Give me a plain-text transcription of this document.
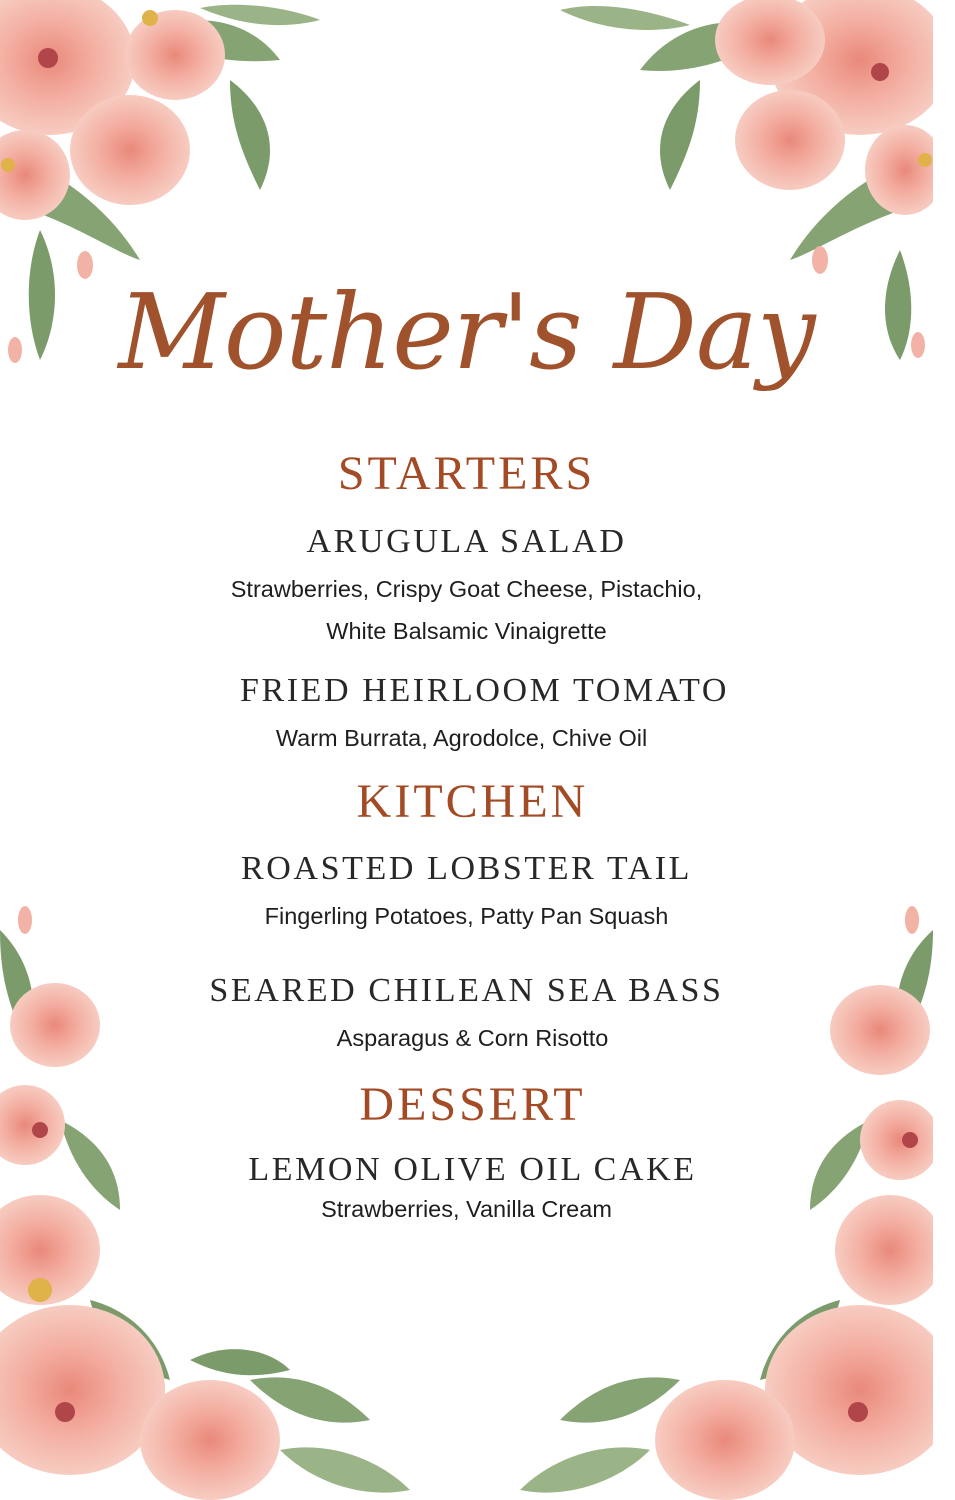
Mother's Day
STARTERS
ARUGULA SALAD
Strawberries, Crispy Goat Cheese, Pistachio,
White Balsamic Vinaigrette
FRIED HEIRLOOM TOMATO
Warm Burrata, Agrodolce, Chive Oil
KITCHEN
ROASTED LOBSTER TAIL
Fingerling Potatoes, Patty Pan Squash
SEARED CHILEAN SEA BASS
Asparagus & Corn Risotto
DESSERT
LEMON OLIVE OIL CAKE
Strawberries, Vanilla Cream
